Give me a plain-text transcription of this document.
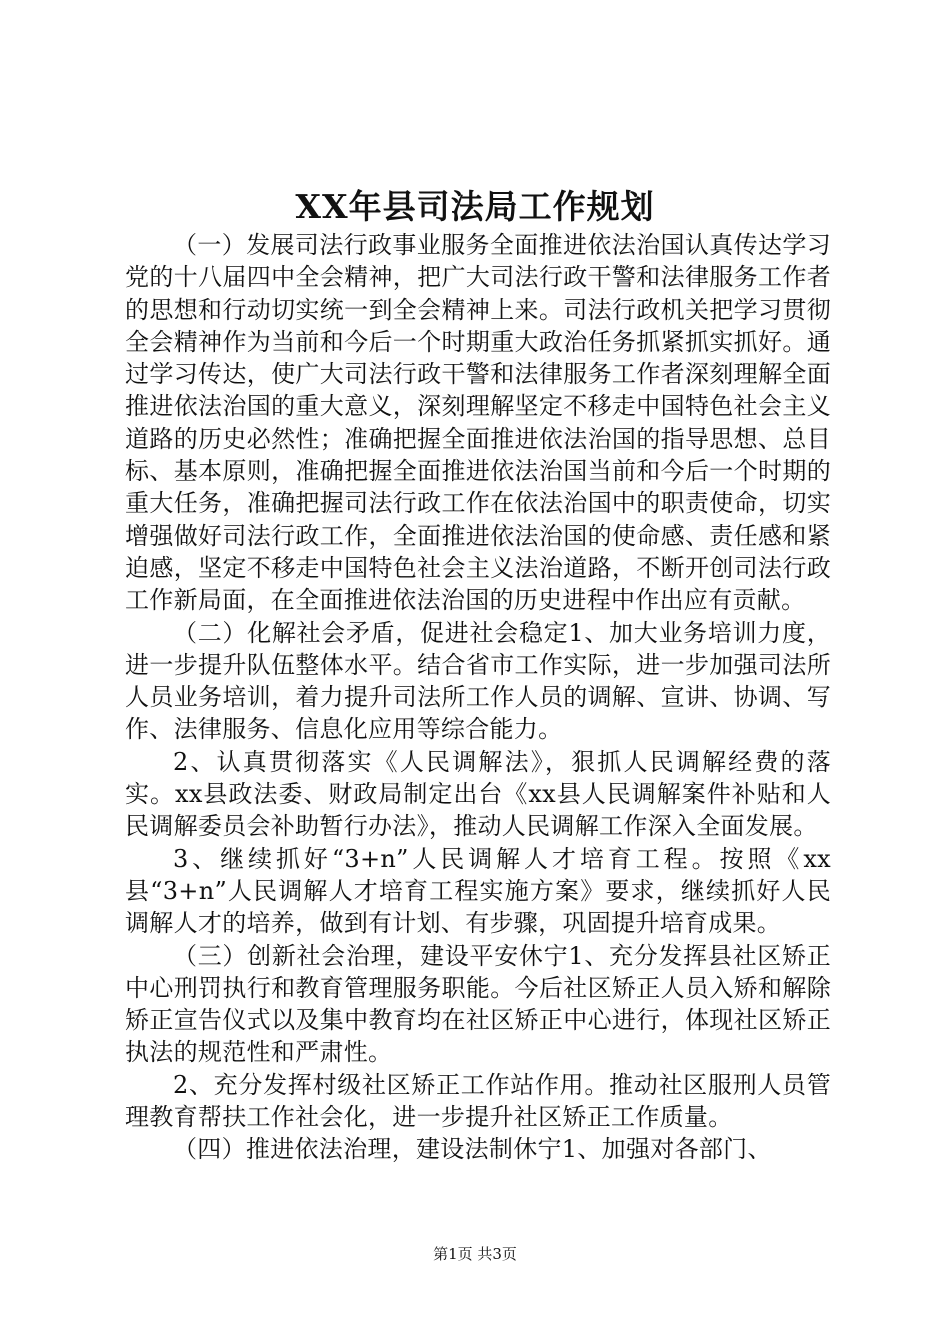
XX年县司法局工作规划

（一）发展司法行政事业服务全面推进依法治国认真传达学习党的十八届四中全会精神，把广大司法行政干警和法律服务工作者的思想和行动切实统一到全会精神上来。司法行政机关把学习贯彻全会精神作为当前和今后一个时期重大政治任务抓紧抓实抓好。通过学习传达，使广大司法行政干警和法律服务工作者深刻理解全面推进依法治国的重大意义，深刻理解坚定不移走中国特色社会主义道路的历史必然性；准确把握全面推进依法治国的指导思想、总目标、基本原则，准确把握全面推进依法治国当前和今后一个时期的重大任务，准确把握司法行政工作在依法治国中的职责使命，切实增强做好司法行政工作，全面推进依法治国的使命感、责任感和紧迫感，坚定不移走中国特色社会主义法治道路，不断开创司法行政工作新局面，在全面推进依法治国的历史进程中作出应有贡献。

（二）化解社会矛盾，促进社会稳定1、加大业务培训力度，进一步提升队伍整体水平。结合省市工作实际，进一步加强司法所人员业务培训，着力提升司法所工作人员的调解、宣讲、协调、写作、法律服务、信息化应用等综合能力。

2、认真贯彻落实《人民调解法》，狠抓人民调解经费的落实。xx县政法委、财政局制定出台《xx县人民调解案件补贴和人民调解委员会补助暂行办法》，推动人民调解工作深入全面发展。

3、继续抓好“3+n”人民调解人才培育工程。按照《xx县“3+n”人民调解人才培育工程实施方案》要求，继续抓好人民调解人才的培养，做到有计划、有步骤，巩固提升培育成果。

（三）创新社会治理，建设平安休宁1、充分发挥县社区矫正中心刑罚执行和教育管理服务职能。今后社区矫正人员入矫和解除矫正宣告仪式以及集中教育均在社区矫正中心进行，体现社区矫正执法的规范性和严肃性。

2、充分发挥村级社区矫正工作站作用。推动社区服刑人员管理教育帮扶工作社会化，进一步提升社区矫正工作质量。

（四）推进依法治理，建设法制休宁1、加强对各部门、

第1页 共3页
